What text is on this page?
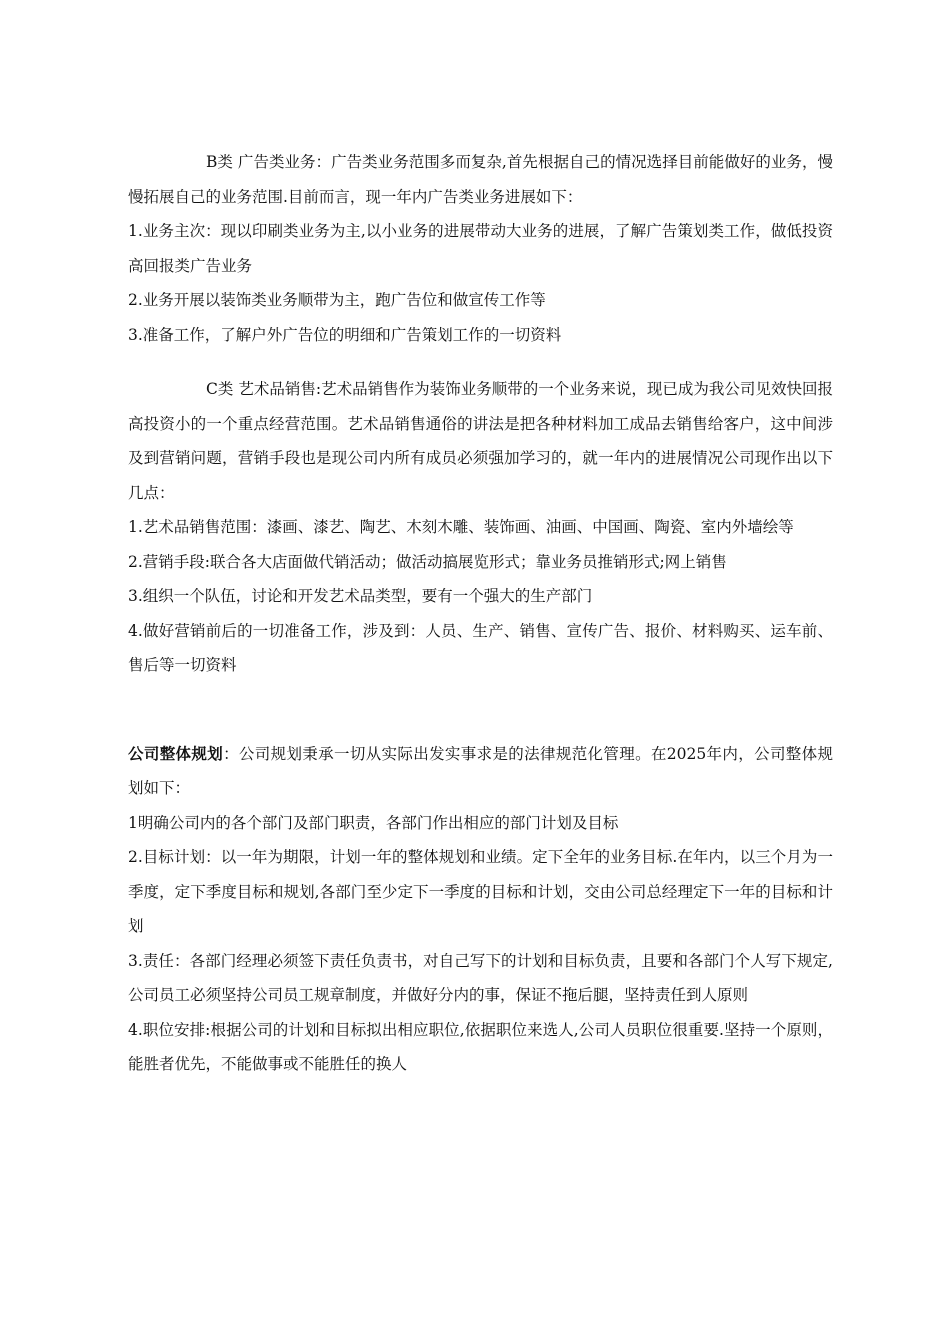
B类 广告类业务：广告类业务范围多而复杂,首先根据自己的情况选择目前能做好的业务，慢慢拓展自己的业务范围.目前而言，现一年内广告类业务进展如下：

1.业务主次：现以印刷类业务为主,以小业务的进展带动大业务的进展，了解广告策划类工作，做低投资高回报类广告业务

2.业务开展以装饰类业务顺带为主，跑广告位和做宣传工作等

3.准备工作，了解户外广告位的明细和广告策划工作的一切资料

C类 艺术品销售:艺术品销售作为装饰业务顺带的一个业务来说，现已成为我公司见效快回报高投资小的一个重点经营范围。艺术品销售通俗的讲法是把各种材料加工成品去销售给客户，这中间涉及到营销问题，营销手段也是现公司内所有成员必须强加学习的，就一年内的进展情况公司现作出以下几点：

1.艺术品销售范围：漆画、漆艺、陶艺、木刻木雕、装饰画、油画、中国画、陶瓷、室内外墙绘等

2.营销手段:联合各大店面做代销活动；做活动搞展览形式；靠业务员推销形式;网上销售

3.组织一个队伍，讨论和开发艺术品类型，要有一个强大的生产部门

4.做好营销前后的一切准备工作，涉及到：人员、生产、销售、宣传广告、报价、材料购买、运车前、售后等一切资料

公司整体规划：公司规划秉承一切从实际出发实事求是的法律规范化管理。在2025年内，公司整体规划如下：

1明确公司内的各个部门及部门职责，各部门作出相应的部门计划及目标

2.目标计划：以一年为期限，计划一年的整体规划和业绩。定下全年的业务目标.在年内，以三个月为一季度，定下季度目标和规划,各部门至少定下一季度的目标和计划，交由公司总经理定下一年的目标和计划

3.责任：各部门经理必须签下责任负责书，对自己写下的计划和目标负责，且要和各部门个人写下规定,公司员工必须坚持公司员工规章制度，并做好分内的事，保证不拖后腿，坚持责任到人原则

4.职位安排:根据公司的计划和目标拟出相应职位,依据职位来选人,公司人员职位很重要.坚持一个原则，能胜者优先，不能做事或不能胜任的换人
